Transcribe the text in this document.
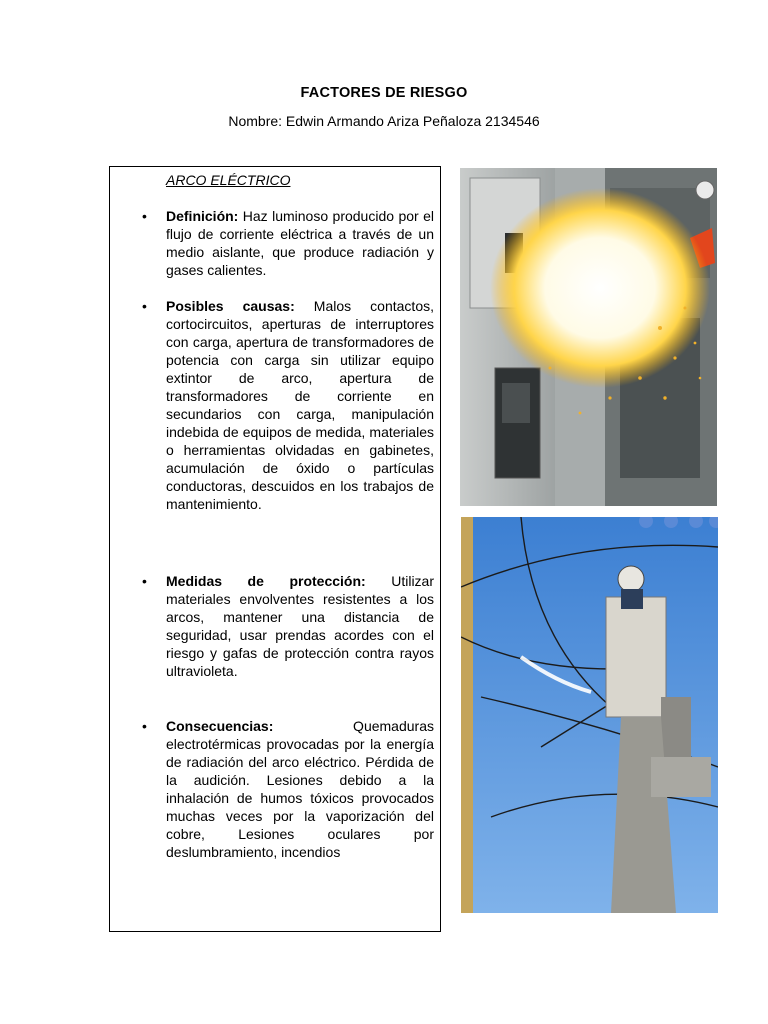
FACTORES DE RIESGO
Nombre: Edwin Armando Ariza Peñaloza 2134546
ARCO ELÉCTRICO
• Definición: Haz luminoso producido por el flujo de corriente eléctrica a través de un medio aislante, que produce radiación y gases calientes.
• Posibles causas: Malos contactos, cortocircuitos, aperturas de interruptores con carga, apertura de transformadores de potencia con carga sin utilizar equipo extintor de arco, apertura de transformadores de corriente en secundarios con carga, manipulación indebida de equipos de medida, materiales o herramientas olvidadas en gabinetes, acumulación de óxido o partículas conductoras, descuidos en los trabajos de mantenimiento.
• Medidas de protección: Utilizar materiales envolventes resistentes a los arcos, mantener una distancia de seguridad, usar prendas acordes con el riesgo y gafas de protección contra rayos ultravioleta.
• Consecuencias: Quemaduras electrotérmicas provocadas por la energía de radiación del arco eléctrico. Pérdida de la audición. Lesiones debido a la inhalación de humos tóxicos provocados muchas veces por la vaporización del cobre, Lesiones oculares por deslumbramiento, incendios
